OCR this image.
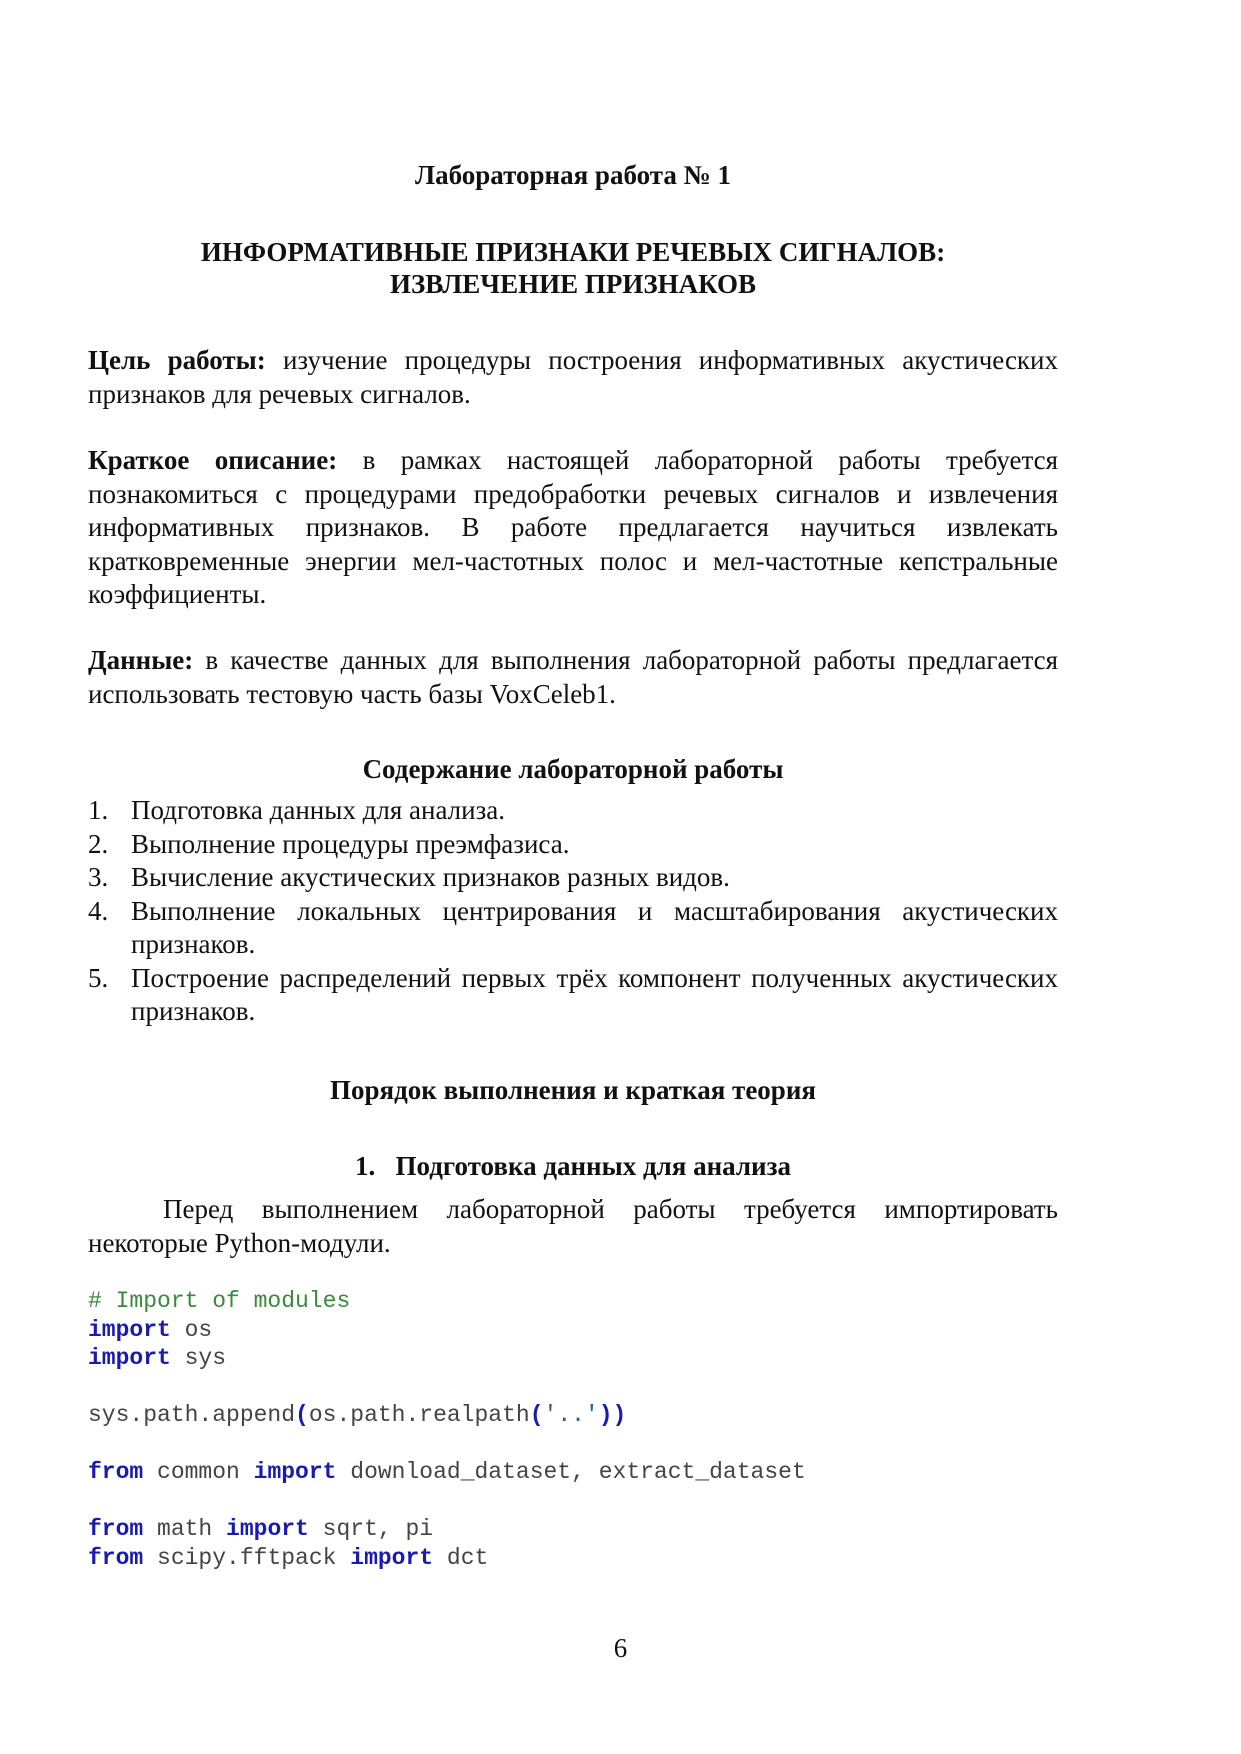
Лабораторная работа № 1
ИНФОРМАТИВНЫЕ ПРИЗНАКИ РЕЧЕВЫХ СИГНАЛОВ:
ИЗВЛЕЧЕНИЕ ПРИЗНАКОВ
Цель работы: изучение процедуры построения информативных акустических признаков для речевых сигналов.
Краткое описание: в рамках настоящей лабораторной работы требуется познакомиться с процедурами предобработки речевых сигналов и извлечения информативных признаков. В работе предлагается научиться извлекать кратковременные энергии мел-частотных полос и мел-частотные кепстральные коэффициенты.
Данные: в качестве данных для выполнения лабораторной работы предлагается использовать тестовую часть базы VoxCeleb1.
Содержание лабораторной работы
1. Подготовка данных для анализа.
2. Выполнение процедуры преэмфазиса.
3. Вычисление акустических признаков разных видов.
4. Выполнение локальных центрирования и масштабирования акустических признаков.
5. Построение распределений первых трёх компонент полученных акустических признаков.
Порядок выполнения и краткая теория
1.   Подготовка данных для анализа
Перед выполнением лабораторной работы требуется импортировать некоторые Python-модули.
# Import of modules
import os
import sys
sys.path.append(os.path.realpath('..'))
from common import download_dataset, extract_dataset
from math import sqrt, pi
from scipy.fftpack import dct
6
